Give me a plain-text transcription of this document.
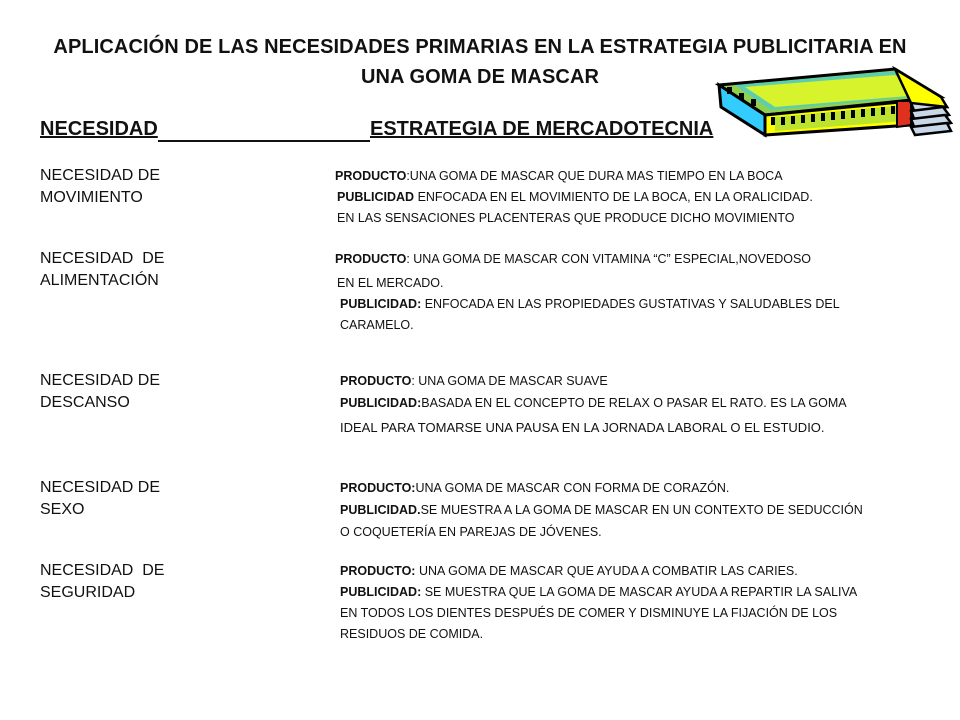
APLICACIÓN DE LAS NECESIDADES PRIMARIAS EN LA ESTRATEGIA PUBLICITARIA EN UNA GOMA DE MASCAR
NECESIDAD	ESTRATEGIA DE MERCADOTECNIA
NECESIDAD DE
MOVIMIENTO
PRODUCTO:UNA GOMA DE MASCAR QUE DURA MAS TIEMPO EN LA BOCA
PUBLICIDAD ENFOCADA EN EL MOVIMIENTO DE LA BOCA, EN LA ORALICIDAD.
EN LAS SENSACIONES PLACENTERAS QUE PRODUCE DICHO MOVIMIENTO
NECESIDAD  DE
ALIMENTACIÓN
PRODUCTO: UNA GOMA DE MASCAR CON VITAMINA “C” ESPECIAL,NOVEDOSO
EN EL MERCADO.
PUBLICIDAD: ENFOCADA EN LAS PROPIEDADES GUSTATIVAS Y SALUDABLES DEL
CARAMELO.
NECESIDAD DE
DESCANSO
PRODUCTO: UNA GOMA DE MASCAR SUAVE
PUBLICIDAD:BASADA EN EL CONCEPTO DE RELAX O PASAR EL RATO. ES LA GOMA
IDEAL PARA TOMARSE UNA PAUSA EN LA JORNADA LABORAL O EL ESTUDIO.
NECESIDAD DE
SEXO
PRODUCTO:UNA GOMA DE MASCAR CON FORMA DE CORAZÓN.
PUBLICIDAD.SE MUESTRA A LA GOMA DE MASCAR EN UN CONTEXTO DE SEDUCCIÓN
O COQUETERÍA EN PAREJAS DE JÓVENES.
NECESIDAD  DE
SEGURIDAD
PRODUCTO: UNA GOMA DE MASCAR QUE AYUDA A COMBATIR LAS CARIES.
PUBLICIDAD: SE MUESTRA QUE LA GOMA DE MASCAR AYUDA A REPARTIR LA SALIVA
EN TODOS LOS DIENTES DESPUÉS DE COMER Y DISMINUYE LA FIJACIÓN DE LOS
RESIDUOS DE COMIDA.
